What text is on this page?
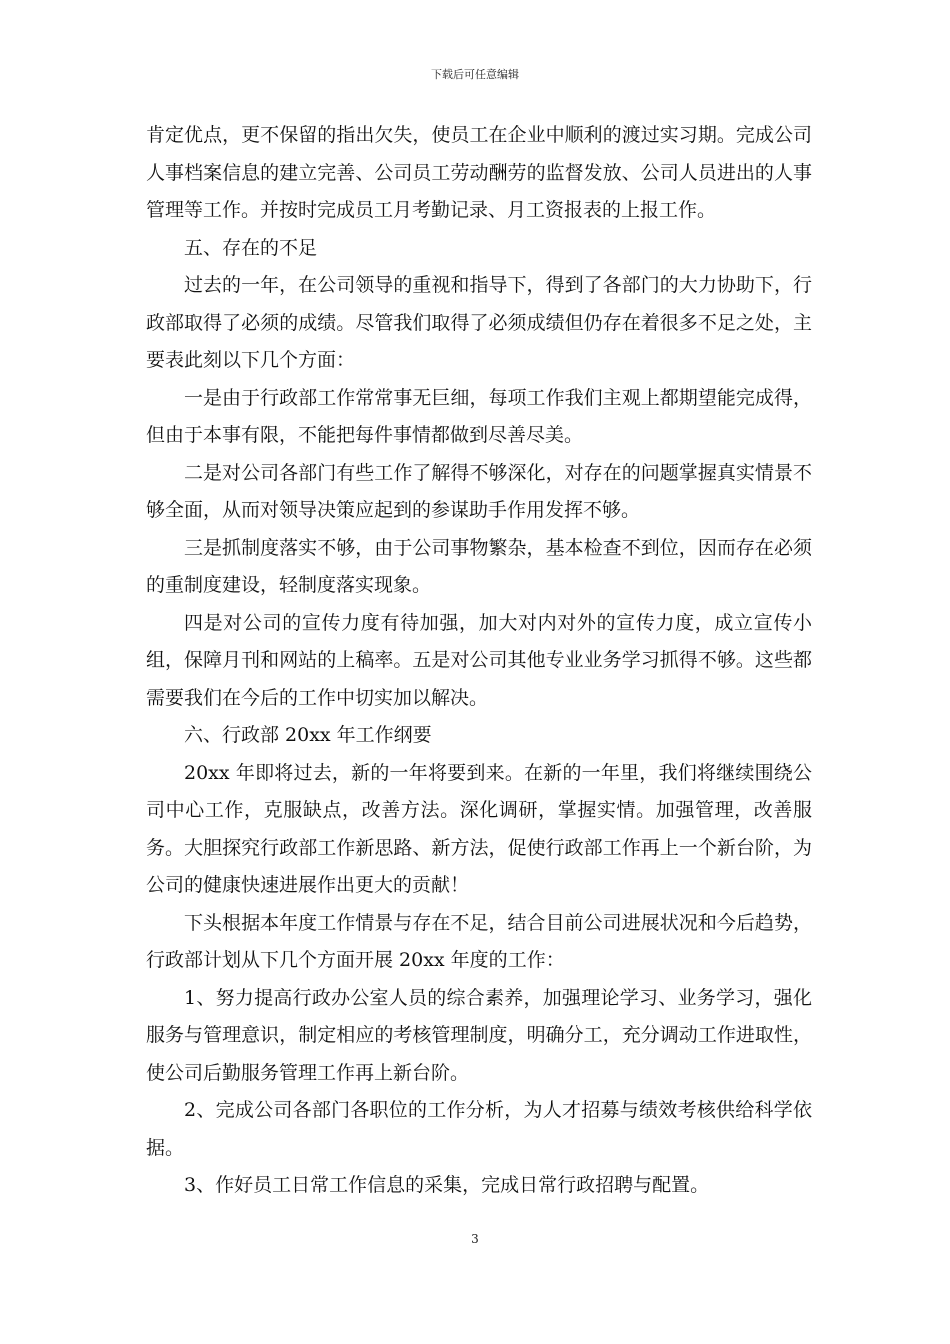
下载后可任意编辑

肯定优点，更不保留的指出欠失，使员工在企业中顺利的渡过实习期。完成公司人事档案信息的建立完善、公司员工劳动酬劳的监督发放、公司人员进出的人事管理等工作。并按时完成员工月考勤记录、月工资报表的上报工作。

五、存在的不足

过去的一年，在公司领导的重视和指导下，得到了各部门的大力协助下，行政部取得了必须的成绩。尽管我们取得了必须成绩但仍存在着很多不足之处，主要表此刻以下几个方面：

一是由于行政部工作常常事无巨细，每项工作我们主观上都期望能完成得，但由于本事有限，不能把每件事情都做到尽善尽美。

二是对公司各部门有些工作了解得不够深化，对存在的问题掌握真实情景不够全面，从而对领导决策应起到的参谋助手作用发挥不够。

三是抓制度落实不够，由于公司事物繁杂，基本检查不到位，因而存在必须的重制度建设，轻制度落实现象。

四是对公司的宣传力度有待加强，加大对内对外的宣传力度，成立宣传小组，保障月刊和网站的上稿率。五是对公司其他专业业务学习抓得不够。这些都需要我们在今后的工作中切实加以解决。

六、行政部 20xx 年工作纲要

20xx 年即将过去，新的一年将要到来。在新的一年里，我们将继续围绕公司中心工作，克服缺点，改善方法。深化调研，掌握实情。加强管理，改善服务。大胆探究行政部工作新思路、新方法，促使行政部工作再上一个新台阶，为公司的健康快速进展作出更大的贡献！

下头根据本年度工作情景与存在不足，结合目前公司进展状况和今后趋势，行政部计划从下几个方面开展 20xx 年度的工作：

1、努力提高行政办公室人员的综合素养，加强理论学习、业务学习，强化服务与管理意识，制定相应的考核管理制度，明确分工，充分调动工作进取性，使公司后勤服务管理工作再上新台阶。

2、完成公司各部门各职位的工作分析，为人才招募与绩效考核供给科学依据。

3、作好员工日常工作信息的采集，完成日常行政招聘与配置。

3
